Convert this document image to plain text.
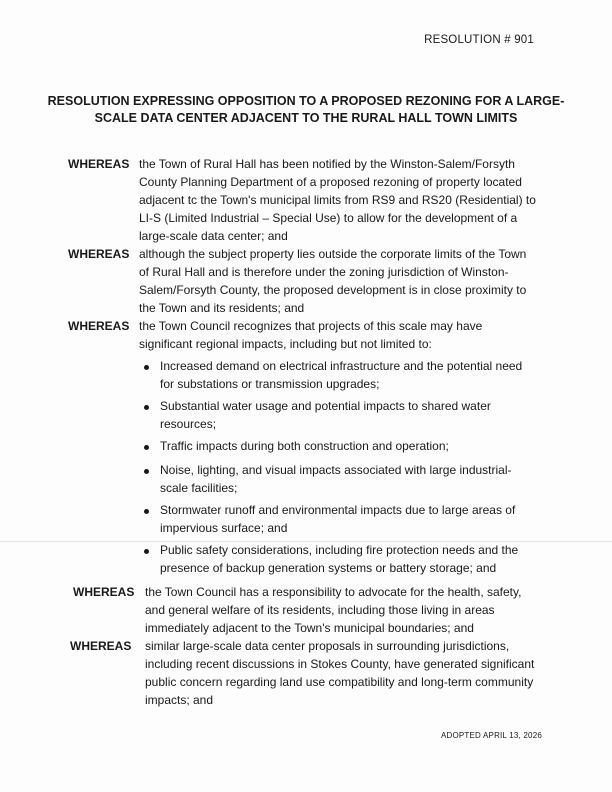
RESOLUTION # 901
RESOLUTION EXPRESSING OPPOSITION TO A PROPOSED REZONING FOR A LARGE-SCALE DATA CENTER ADJACENT TO THE RURAL HALL TOWN LIMITS
WHEREAS the Town of Rural Hall has been notified by the Winston-Salem/Forsyth County Planning Department of a proposed rezoning of property located adjacent tc the Town's municipal limits from RS9 and RS20 (Residential) to LI-S (Limited Industrial – Special Use) to allow for the development of a large-scale data center; and
WHEREAS although the subject property lies outside the corporate limits of the Town of Rural Hall and is therefore under the zoning jurisdiction of Winston-Salem/Forsyth County, the proposed development is in close proximity to the Town and its residents; and
WHEREAS the Town Council recognizes that projects of this scale may have significant regional impacts, including but not limited to:
Increased demand on electrical infrastructure and the potential need for substations or transmission upgrades;
Substantial water usage and potential impacts to shared water resources;
Traffic impacts during both construction and operation;
Noise, lighting, and visual impacts associated with large industrial-scale facilities;
Stormwater runoff and environmental impacts due to large areas of impervious surface; and
Public safety considerations, including fire protection needs and the presence of backup generation systems or battery storage; and
WHEREAS the Town Council has a responsibility to advocate for the health, safety, and general welfare of its residents, including those living in areas immediately adjacent to the Town's municipal boundaries; and
WHEREAS similar large-scale data center proposals in surrounding jurisdictions, including recent discussions in Stokes County, have generated significant public concern regarding land use compatibility and long-term community impacts; and
ADOPTED APRIL 13, 2026
